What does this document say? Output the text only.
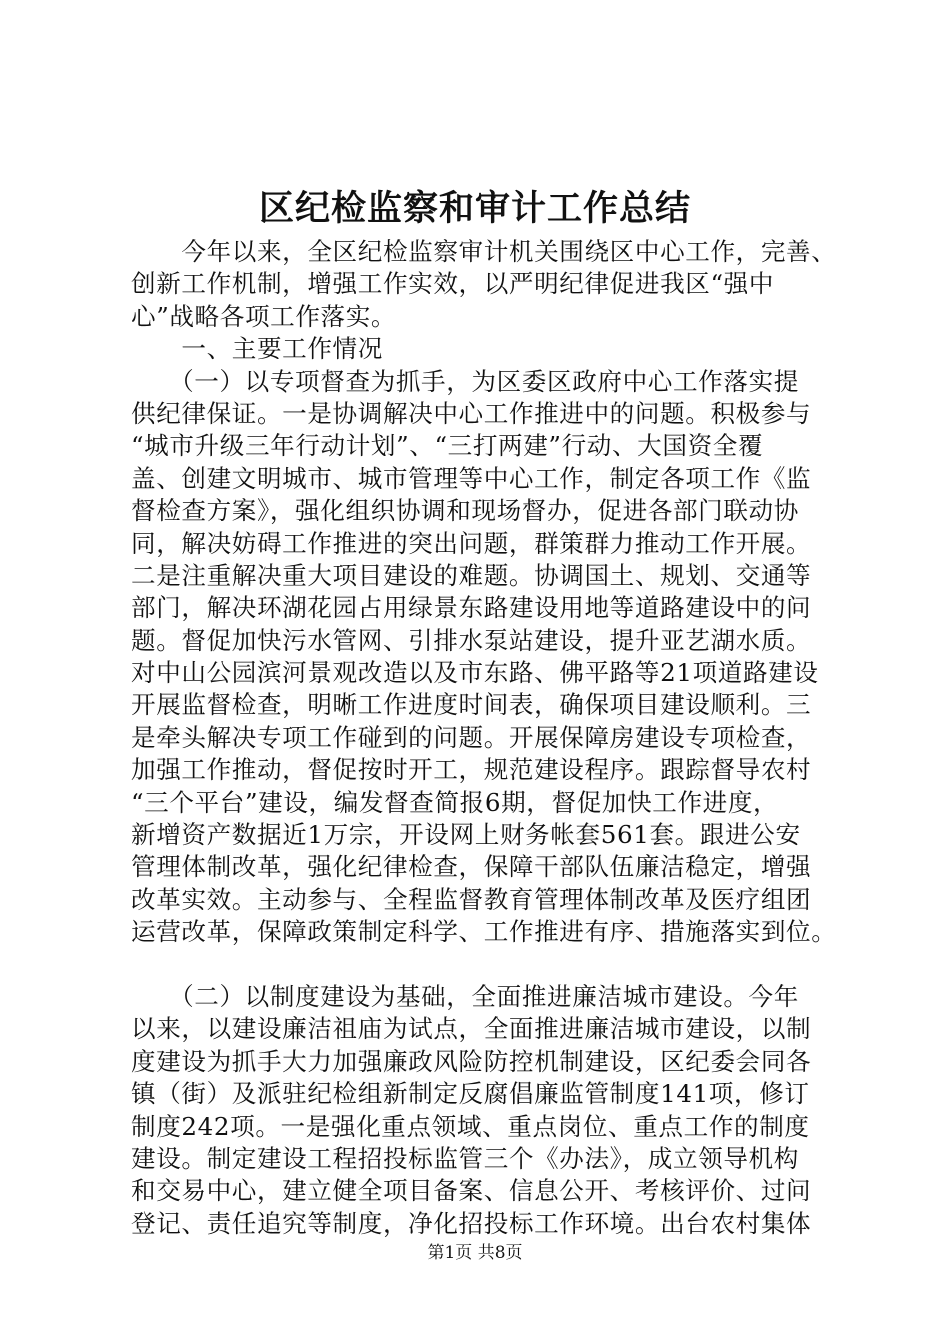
区纪检监察和审计工作总结
　　今年以来，全区纪检监察审计机关围绕区中心工作，完善、
创新工作机制，增强工作实效，以严明纪律促进我区“强中
心”战略各项工作落实。
　　一、主要工作情况
　　（一）以专项督查为抓手，为区委区政府中心工作落实提
供纪律保证。一是协调解决中心工作推进中的问题。积极参与
“城市升级三年行动计划”、“三打两建”行动、大国资全覆
盖、创建文明城市、城市管理等中心工作，制定各项工作《监
督检查方案》，强化组织协调和现场督办，促进各部门联动协
同，解决妨碍工作推进的突出问题，群策群力推动工作开展。
二是注重解决重大项目建设的难题。协调国土、规划、交通等
部门，解决环湖花园占用绿景东路建设用地等道路建设中的问
题。督促加快污水管网、引排水泵站建设，提升亚艺湖水质。
对中山公园滨河景观改造以及市东路、佛平路等21项道路建设
开展监督检查，明晰工作进度时间表，确保项目建设顺利。三
是牵头解决专项工作碰到的问题。开展保障房建设专项检查，
加强工作推动，督促按时开工，规范建设程序。跟踪督导农村
“三个平台”建设，编发督查简报6期，督促加快工作进度，
新增资产数据近1万宗，开设网上财务帐套561套。跟进公安
管理体制改革，强化纪律检查，保障干部队伍廉洁稳定，增强
改革实效。主动参与、全程监督教育管理体制改革及医疗组团
运营改革，保障政策制定科学、工作推进有序、措施落实到位。
　　（二）以制度建设为基础，全面推进廉洁城市建设。今年
以来，以建设廉洁祖庙为试点，全面推进廉洁城市建设，以制
度建设为抓手大力加强廉政风险防控机制建设，区纪委会同各
镇（街）及派驻纪检组新制定反腐倡廉监管制度141项，修订
制度242项。一是强化重点领域、重点岗位、重点工作的制度
建设。制定建设工程招投标监管三个《办法》，成立领导机构
和交易中心，建立健全项目备案、信息公开、考核评价、过问
登记、责任追究等制度，净化招投标工作环境。出台农村集体
第1页 共8页
